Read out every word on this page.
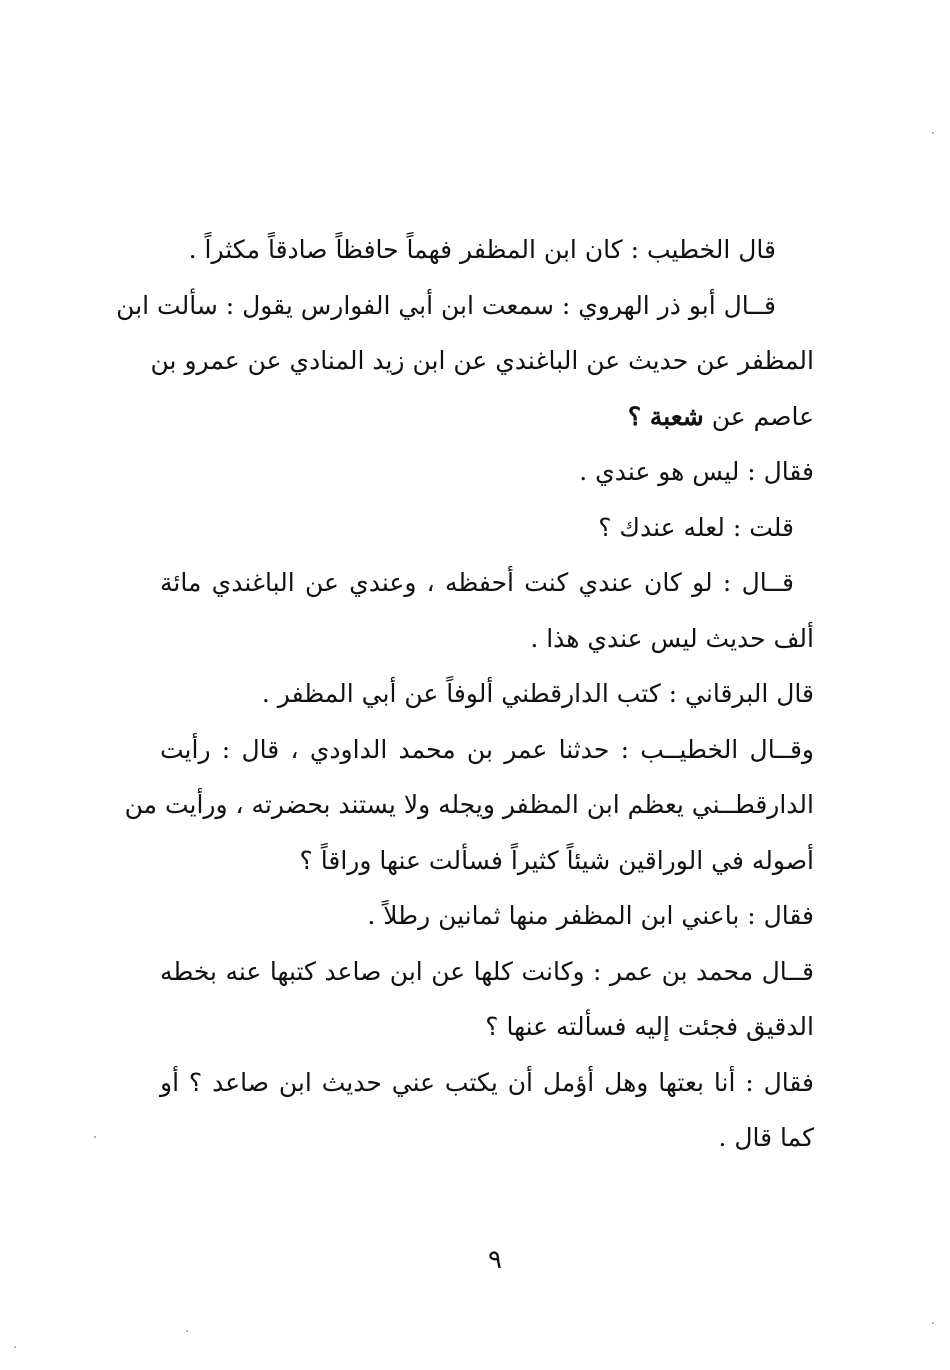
قال الخطيب : كان ابن المظفر فهماً حافظاً صادقاً مكثراً .
قــال أبو ذر الهروي : سمعت ابن أبي الفوارس يقول : سألت ابن
المظفر عن حديث عن الباغندي عن ابن زيد المنادي عن عمرو بن
عاصم عن شعبة ؟
فقال : ليس هو عندي .
قلت : لعله عندك ؟
قــال : لو كان عندي كنت أحفظه ، وعندي عن الباغندي مائة
ألف حديث ليس عندي هذا .
قال البرقاني : كتب الدارقطني ألوفاً عن أبي المظفر .
وقــال الخطيــب : حدثنا عمر بن محمد الداودي ، قال : رأيت
الدارقطــني يعظم ابن المظفر ويجله ولا يستند بحضرته ، ورأيت من
أصوله في الوراقين شيئاً كثيراً فسألت عنها وراقاً ؟
فقال : باعني ابن المظفر منها ثمانين رطلاً .
قــال محمد بن عمر : وكانت كلها عن ابن صاعد كتبها عنه بخطه
الدقيق فجئت إليه فسألته عنها ؟
فقال : أنا بعتها وهل أؤمل أن يكتب عني حديث ابن صاعد ؟ أو
كما قال .
٩
